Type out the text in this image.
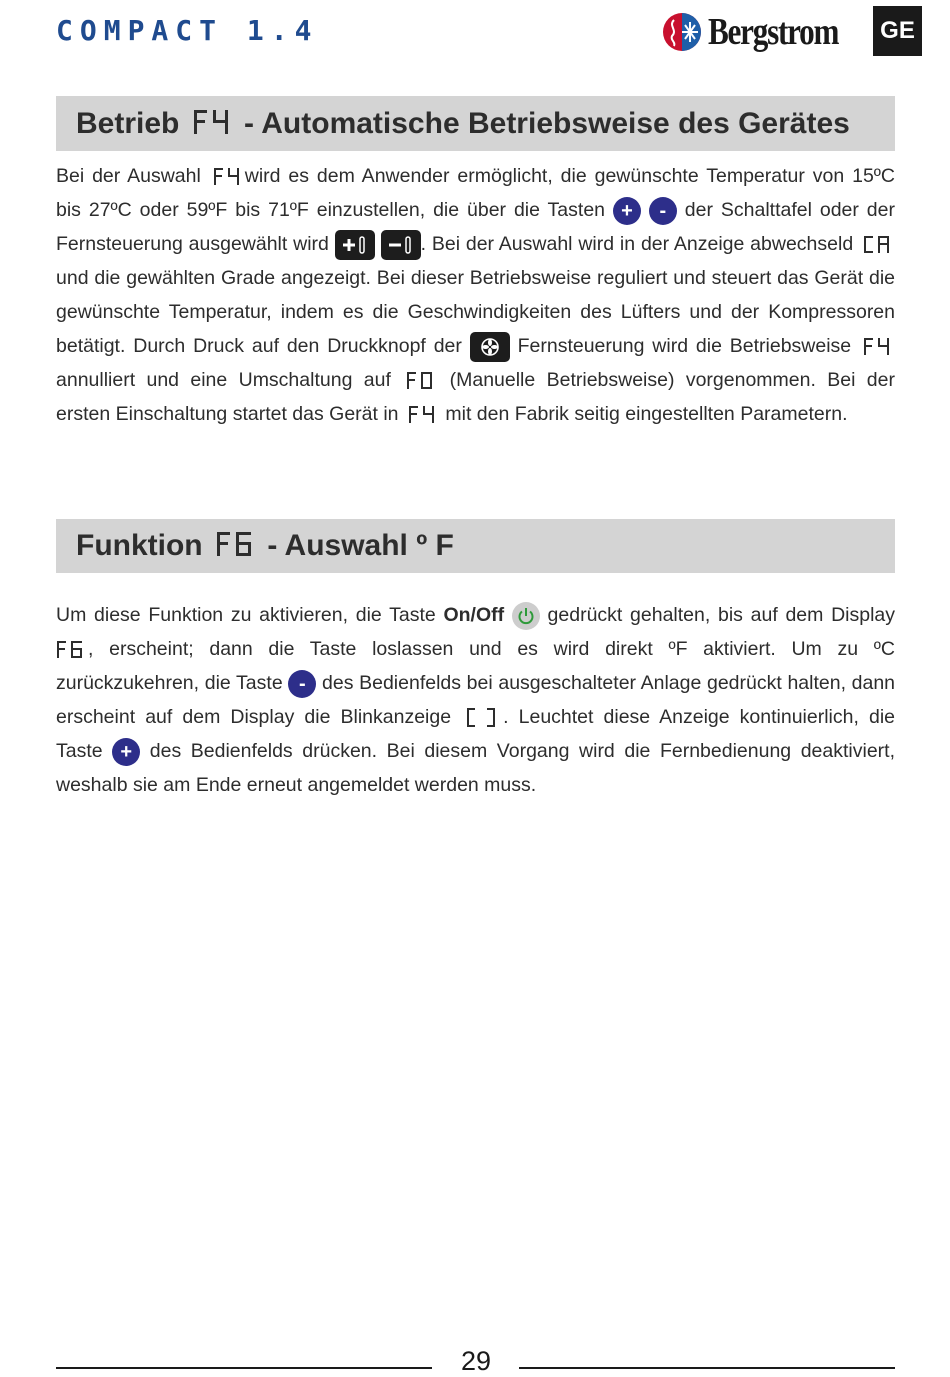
COMPACT 1.4	Bergstrom GE
Betrieb - Automatische Betriebsweise des Gerätes
Bei der Auswahl wird es dem Anwender ermöglicht, die gewünschte Temperatur von 15ºC bis 27ºC oder 59ºF bis 71ºF einzustellen, die über die Tasten + - der Schalttafel oder der Fernsteuerung ausgewählt wird
	. Bei der Auswahl wird in der Anzeige abwechseld  und die gewählten Grade angezeigt. Bei dieser Betriebsweise reguliert und steuert das Gerät die gewünschte Temperatur, indem es die Geschwindigkeiten des Lüfters und der Kompressoren betätigt. Durch Druck auf den Druckknopf der	Fernsteuerung wird die Betriebsweise  annulliert und eine Umschaltung auf	(Manuelle Betriebsweise) vorgenommen. Bei der ersten Einschaltung startet das Gerät in mit den Fabrik seitig eingestellten Parametern.
Funktion - Auswahl º F
Um diese Funktion zu aktivieren, die Taste On/Off gedrückt gehalten, bis auf dem Display , erscheint; dann die Taste loslassen und es wird direkt ºF aktiviert. Um zu ºC zurückzukehren, die Taste - des Bedienfelds bei ausgeschalteter Anlage gedrückt halten, dann erscheint auf dem Display die Blinkanzeige	. Leuchtet diese Anzeige kontinuierlich, die Taste + des Bedienfelds drücken. Bei diesem Vorgang wird die Fernbedienung deaktiviert, weshalb sie am Ende erneut angemeldet werden muss.
29
